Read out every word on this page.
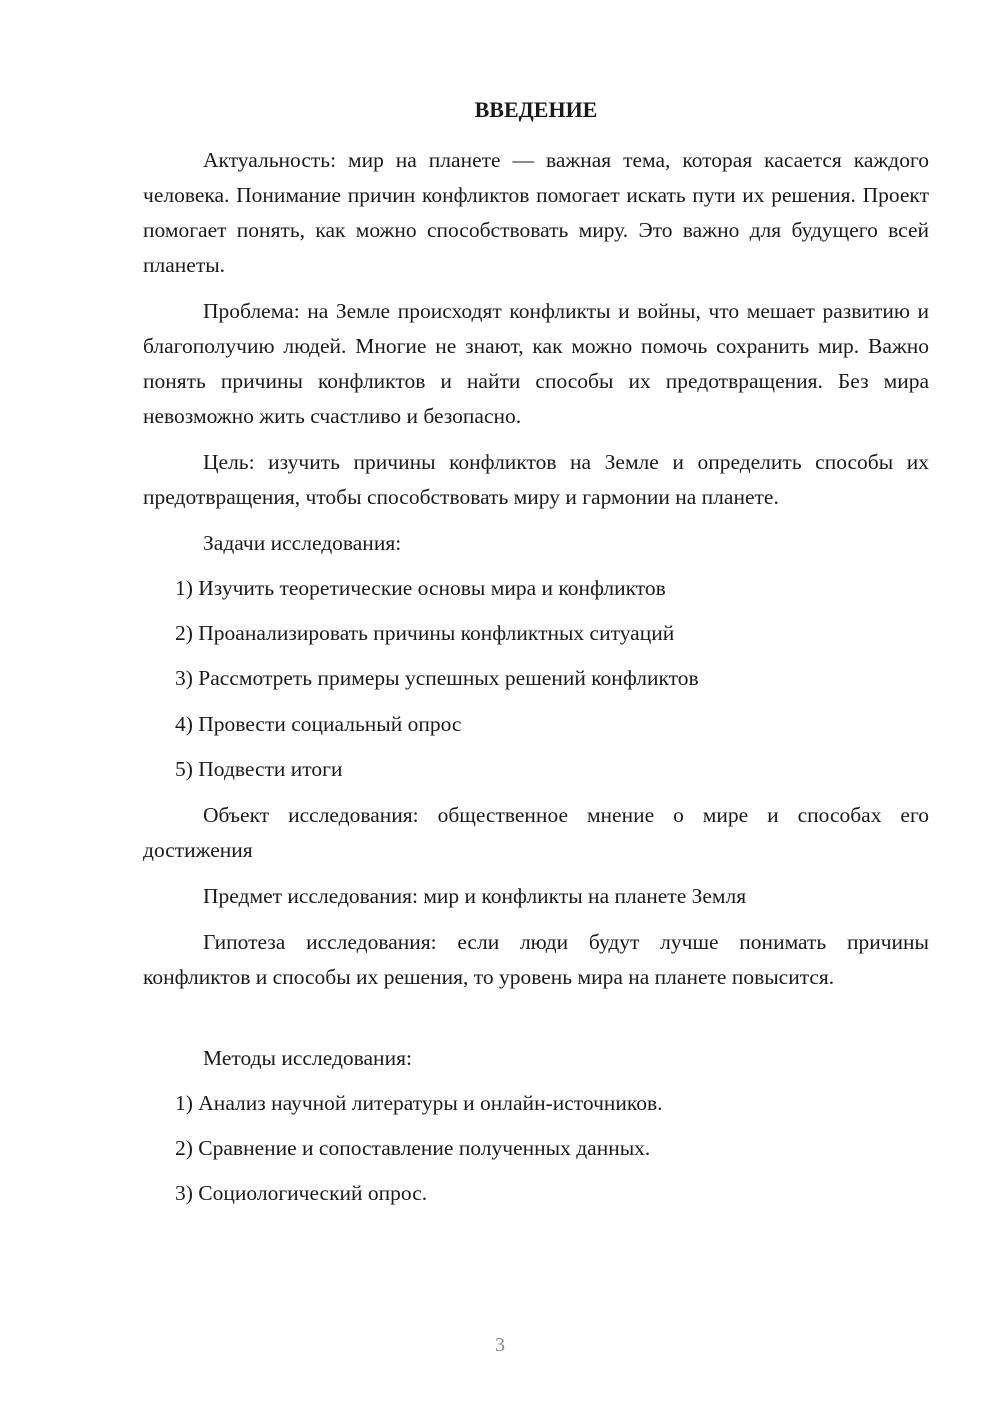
ВВЕДЕНИЕ

Актуальность: мир на планете — важная тема, которая касается каждого человека. Понимание причин конфликтов помогает искать пути их решения. Проект помогает понять, как можно способствовать миру. Это важно для будущего всей планеты.

Проблема: на Земле происходят конфликты и войны, что мешает развитию и благополучию людей. Многие не знают, как можно помочь сохранить мир. Важно понять причины конфликтов и найти способы их предотвращения. Без мира невозможно жить счастливо и безопасно.

Цель: изучить причины конфликтов на Земле и определить способы их предотвращения, чтобы способствовать миру и гармонии на планете.

Задачи исследования:

1) Изучить теоретические основы мира и конфликтов

2) Проанализировать причины конфликтных ситуаций

3) Рассмотреть примеры успешных решений конфликтов

4) Провести социальный опрос

5) Подвести итоги

Объект исследования: общественное мнение о мире и способах его достижения

Предмет исследования: мир и конфликты на планете Земля

Гипотеза исследования: если люди будут лучше понимать причины конфликтов и способы их решения, то уровень мира на планете повысится.

Методы исследования:

1) Анализ научной литературы и онлайн-источников.

2) Сравнение и сопоставление полученных данных.

3) Социологический опрос.

3
